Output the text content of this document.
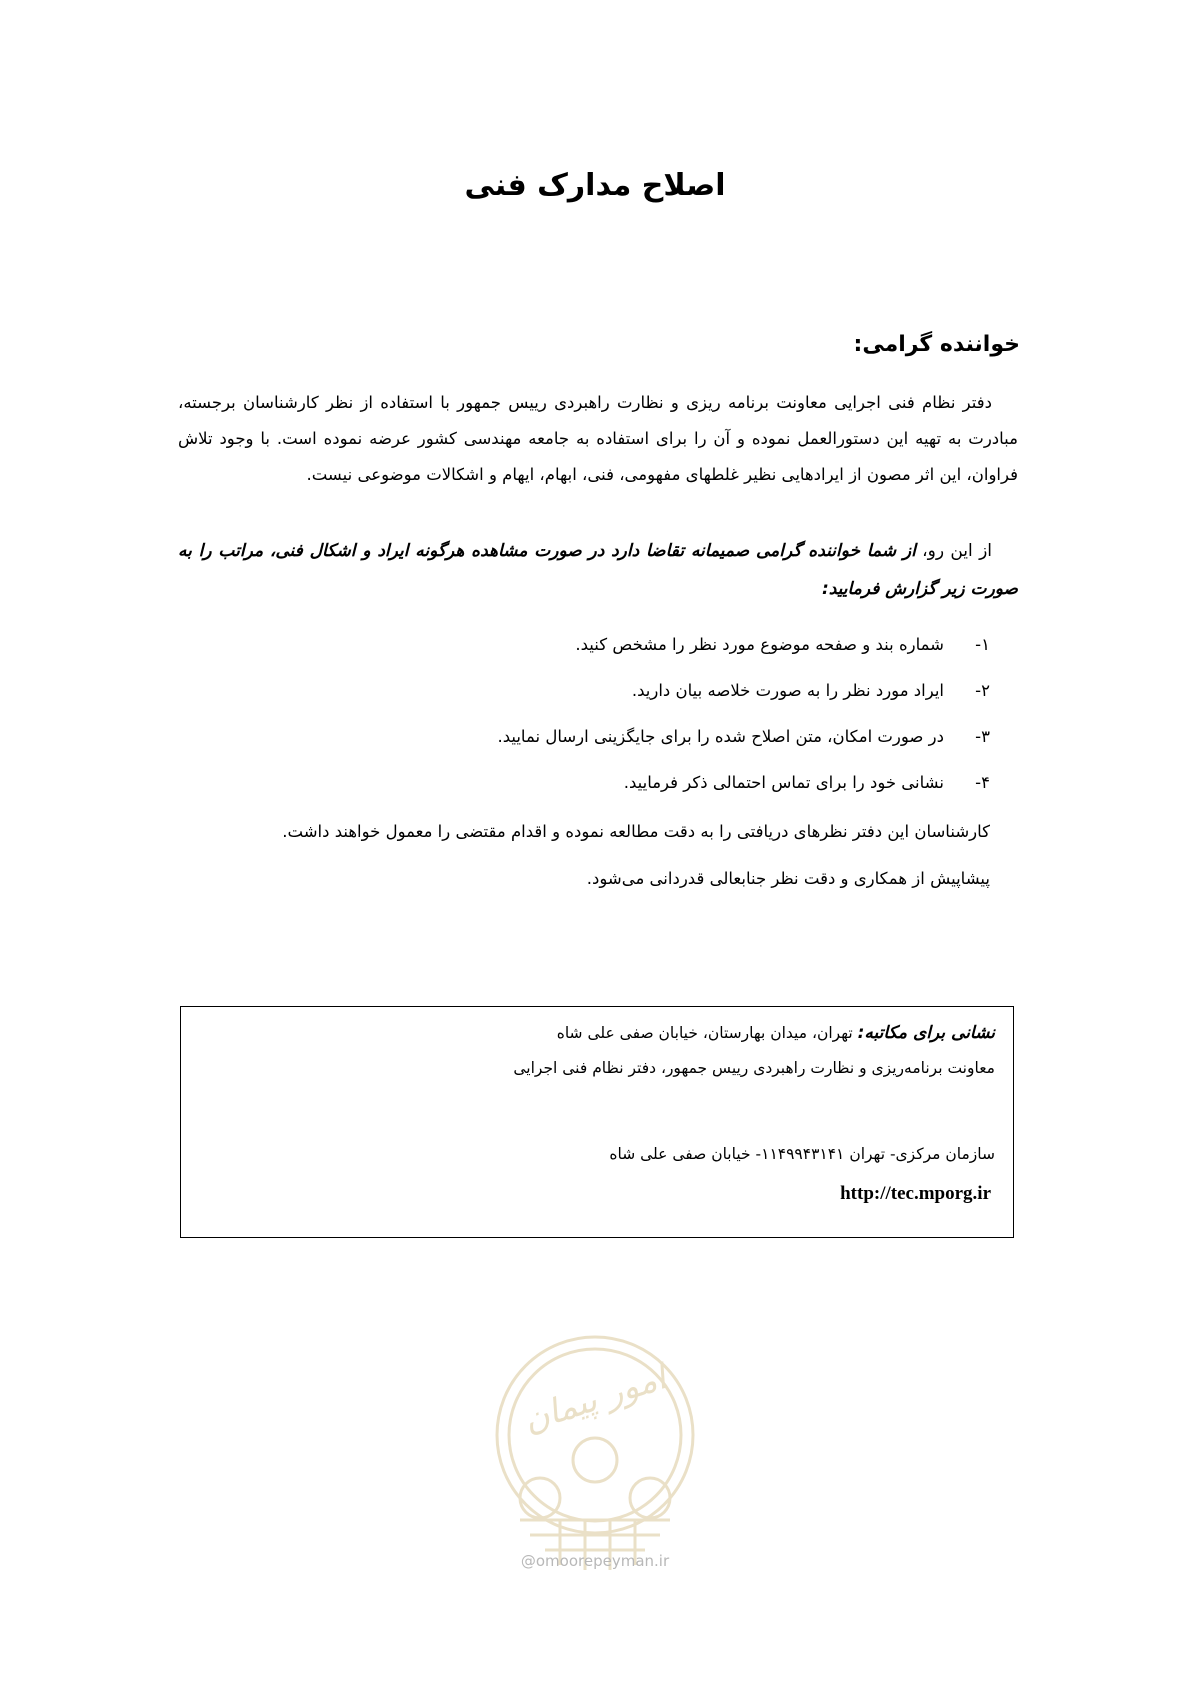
اصلاح مدارک فنی
خواننده گرامی:

دفتر نظام فنی اجرایی معاونت برنامه ریزی و نظارت راهبردی رییس جمهور با استفاده از نظر کارشناسان برجسته، مبادرت به تهیه این دستورالعمل نموده و آن را برای استفاده به جامعه مهندسی کشور عرضه نموده است. با وجود تلاش فراوان، این اثر مصون از ایرادهایی نظیر غلطهای مفهومی، فنی، ابهام، ایهام و اشکالات موضوعی نیست.

از این رو، از شما خواننده گرامی صمیمانه تقاضا دارد در صورت مشاهده هرگونه ایراد و اشکال فنی، مراتب را به صورت زیر گزارش فرمایید:

۱-شماره بند و صفحه موضوع مورد نظر را مشخص کنید.
۲-ایراد مورد نظر را به صورت خلاصه بیان دارید.
۳-در صورت امکان، متن اصلاح شده را برای جایگزینی ارسال نمایید.
۴-نشانی خود را برای تماس احتمالی ذکر فرمایید.
کارشناسان این دفتر نظرهای دریافتی را به دقت مطالعه نموده و اقدام مقتضی را معمول خواهند داشت.
پیشاپیش از همکاری و دقت نظر جنابعالی قدردانی می‌شود.
نشانی برای مکاتبه: تهران، میدان بهارستان، خیابان صفی علی شاه
معاونت برنامه‌ریزی و نظارت راهبردی رییس جمهور، دفتر نظام فنی اجرایی
سازمان مرکزی- تهران ۱۱۴۹۹۴۳۱۴۱- خیابان صفی علی شاه
http://tec.mporg.ir
امور پیمان
@omoorepeyman.ir
